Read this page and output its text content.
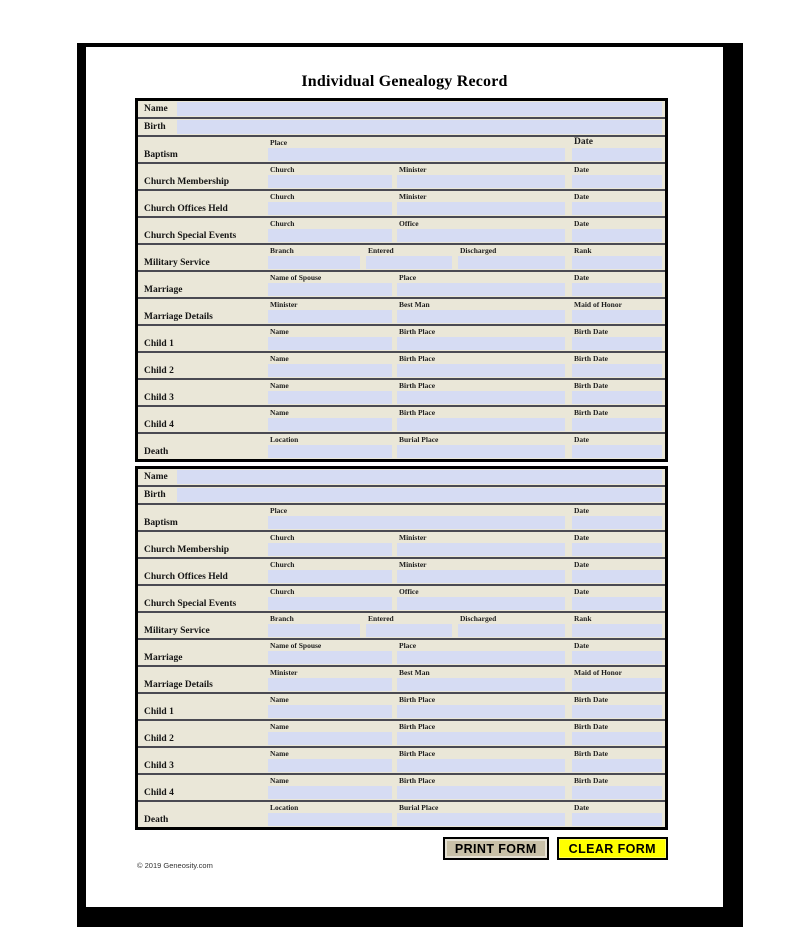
Individual Genealogy Record
Name
Birth
Baptism
Place	Date
Church Membership
Church	Minister	Date
Church Offices Held
Church	Minister	Date
Church Special Events
Church	Office	Date
Military Service
Branch	Entered	Discharged	Rank
Marriage
Name of Spouse	Place	Date
Marriage Details
Minister	Best Man	Maid of Honor
Child 1
Name	Birth Place	Birth Date
Child 2
Name	Birth Place	Birth Date
Child 3
Name	Birth Place	Birth Date
Child 4
Name	Birth Place	Birth Date
Death
Location	Burial Place	Date
Name
Birth
Baptism
Place	Date
Church Membership
Church	Minister	Date
Church Offices Held
Church	Minister	Date
Church Special Events
Church	Office	Date
Military Service
Branch	Entered	Discharged	Rank
Marriage
Name of Spouse	Place	Date
Marriage Details
Minister	Best Man	Maid of Honor
Child 1
Name	Birth Place	Birth Date
Child 2
Name	Birth Place	Birth Date
Child 3
Name	Birth Place	Birth Date
Child 4
Name	Birth Place	Birth Date
Death
Location	Burial Place	Date
© 2019 Geneosity.com
PRINT FORM	CLEAR FORM
